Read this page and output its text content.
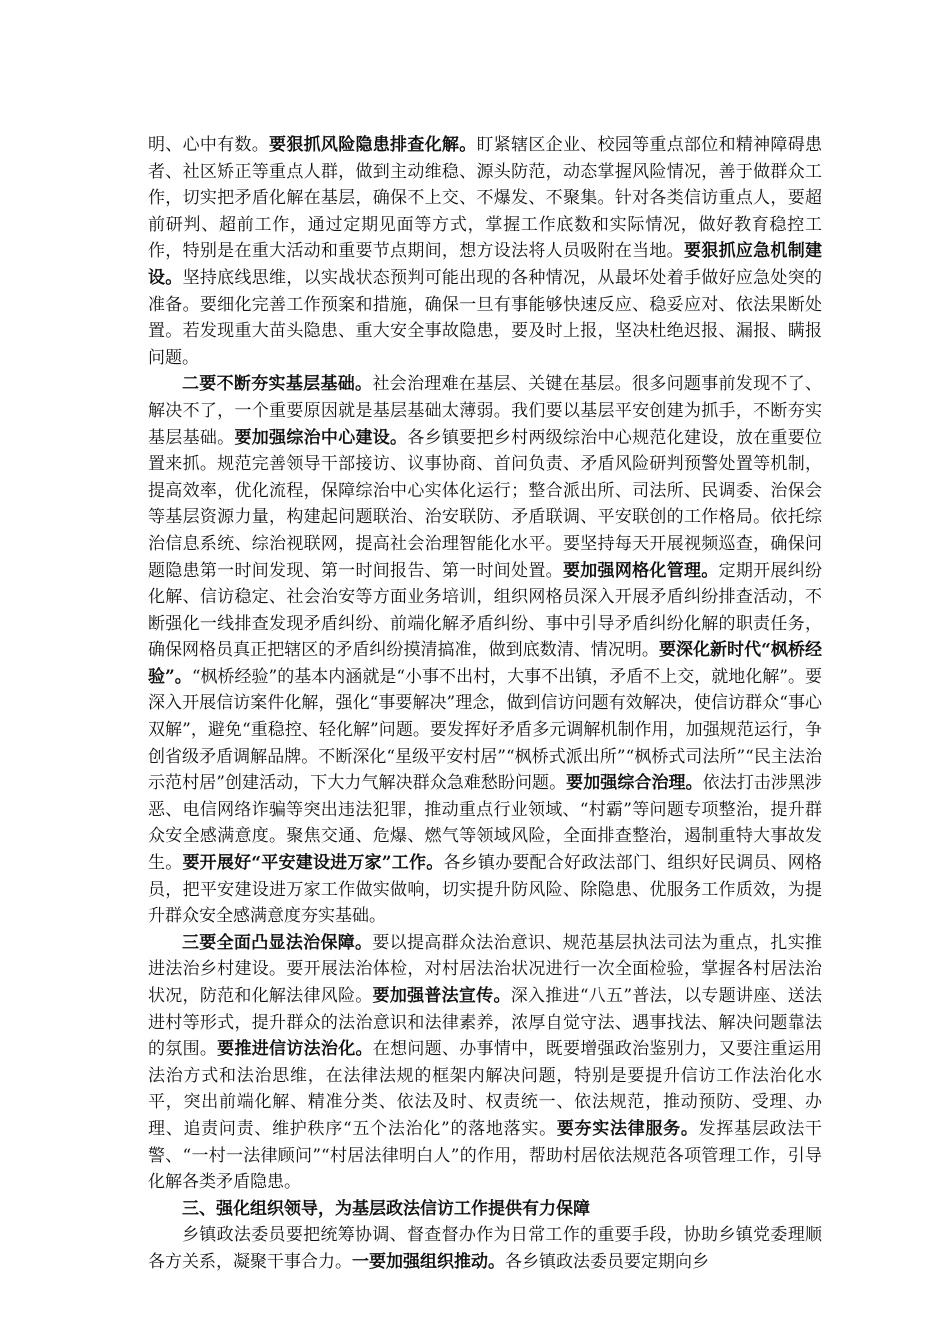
明、心中有数。要狠抓风险隐患排查化解。盯紧辖区企业、校园等重点部位和精神障碍患者、社区矫正等重点人群，做到主动维稳、源头防范，动态掌握风险情况，善于做群众工作，切实把矛盾化解在基层，确保不上交、不爆发、不聚集。针对各类信访重点人，要超前研判、超前工作，通过定期见面等方式，掌握工作底数和实际情况，做好教育稳控工作，特别是在重大活动和重要节点期间，想方设法将人员吸附在当地。要狠抓应急机制建设。坚持底线思维，以实战状态预判可能出现的各种情况，从最坏处着手做好应急处突的准备。要细化完善工作预案和措施，确保一旦有事能够快速反应、稳妥应对、依法果断处置。若发现重大苗头隐患、重大安全事故隐患，要及时上报，坚决杜绝迟报、漏报、瞒报问题。

二要不断夯实基层基础。社会治理难在基层、关键在基层。很多问题事前发现不了、解决不了，一个重要原因就是基层基础太薄弱。我们要以基层平安创建为抓手，不断夯实基层基础。要加强综治中心建设。各乡镇要把乡村两级综治中心规范化建设，放在重要位置来抓。规范完善领导干部接访、议事协商、首问负责、矛盾风险研判预警处置等机制，提高效率，优化流程，保障综治中心实体化运行；整合派出所、司法所、民调委、治保会等基层资源力量，构建起问题联治、治安联防、矛盾联调、平安联创的工作格局。依托综治信息系统、综治视联网，提高社会治理智能化水平。要坚持每天开展视频巡查，确保问题隐患第一时间发现、第一时间报告、第一时间处置。要加强网格化管理。定期开展纠纷化解、信访稳定、社会治安等方面业务培训，组织网格员深入开展矛盾纠纷排查活动，不断强化一线排查发现矛盾纠纷、前端化解矛盾纠纷、事中引导矛盾纠纷化解的职责任务，确保网格员真正把辖区的矛盾纠纷摸清搞准，做到底数清、情况明。要深化新时代“枫桥经验”。“枫桥经验”的基本内涵就是“小事不出村，大事不出镇，矛盾不上交，就地化解”。要深入开展信访案件化解，强化“事要解决”理念，做到信访问题有效解决，使信访群众“事心双解”，避免“重稳控、轻化解”问题。要发挥好矛盾多元调解机制作用，加强规范运行，争创省级矛盾调解品牌。不断深化“星级平安村居”“枫桥式派出所”“枫桥式司法所”“民主法治示范村居”创建活动，下大力气解决群众急难愁盼问题。要加强综合治理。依法打击涉黑涉恶、电信网络诈骗等突出违法犯罪，推动重点行业领域、“村霸”等问题专项整治，提升群众安全感满意度。聚焦交通、危爆、燃气等领域风险，全面排查整治，遏制重特大事故发生。要开展好“平安建设进万家”工作。各乡镇办要配合好政法部门、组织好民调员、网格员，把平安建设进万家工作做实做响，切实提升防风险、除隐患、优服务工作质效，为提升群众安全感满意度夯实基础。

三要全面凸显法治保障。要以提高群众法治意识、规范基层执法司法为重点，扎实推进法治乡村建设。要开展法治体检，对村居法治状况进行一次全面检验，掌握各村居法治状况，防范和化解法律风险。要加强普法宣传。深入推进“八五”普法，以专题讲座、送法进村等形式，提升群众的法治意识和法律素养，浓厚自觉守法、遇事找法、解决问题靠法的氛围。要推进信访法治化。在想问题、办事情中，既要增强政治鉴别力，又要注重运用法治方式和法治思维，在法律法规的框架内解决问题，特别是要提升信访工作法治化水平，突出前端化解、精准分类、依法及时、权责统一、依法规范，推动预防、受理、办理、追责问责、维护秩序“五个法治化”的落地落实。要夯实法律服务。发挥基层政法干警、“一村一法律顾问”“村居法律明白人”的作用，帮助村居依法规范各项管理工作，引导化解各类矛盾隐患。

三、强化组织领导，为基层政法信访工作提供有力保障

乡镇政法委员要把统筹协调、督查督办作为日常工作的重要手段，协助乡镇党委理顺各方关系，凝聚干事合力。一要加强组织推动。各乡镇政法委员要定期向乡
